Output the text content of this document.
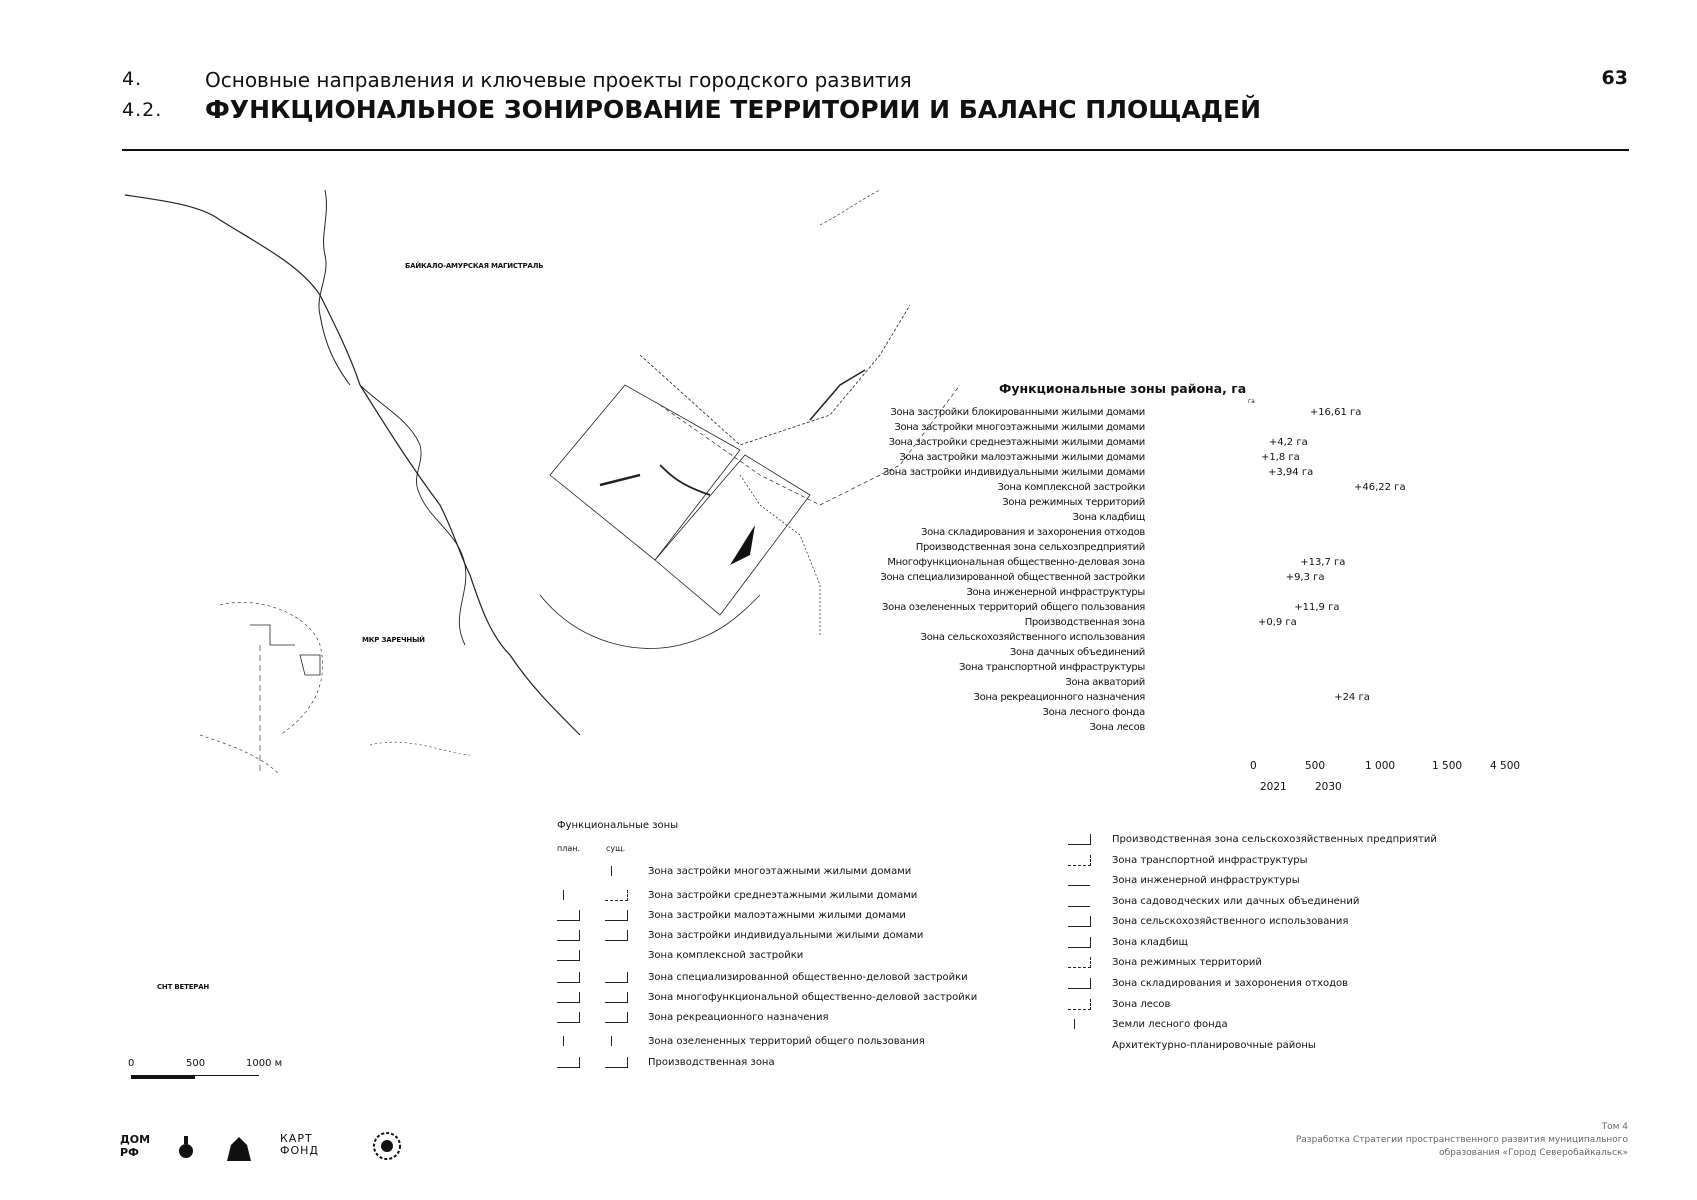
4.	Основные направления и ключевые проекты городского развития
4.2. ФУНКЦИОНАЛЬНОЕ ЗОНИРОВАНИЕ ТЕРРИТОРИИ И БАЛАНС ПЛОЩАДЕЙ
63
БАЙКАЛО-АМУРСКАЯ МАГИСТРАЛЬ
МКР ЗАРЕЧНЫЙ
СНТ ВЕТЕРАН
0	500	1000 м
Функциональные зоны района, га
га
Зона застройки блокированными жилыми домами	+16,61 га
Зона застройки многоэтажными жилыми домами
Зона застройки среднеэтажными жилыми домами	+4,2 га
Зона застройки малоэтажными жилыми домами	+1,8 га
Зона застройки индивидуальными жилыми домами	+3,94 га
Зона комплексной застройки	+46,22 га
Зона режимных территорий
Зона кладбищ
Зона складирования и захоронения отходов
Производственная зона сельхозпредприятий
Многофункциональная общественно-деловая зона	+13,7 га
Зона специализированной общественной застройки	+9,3 га
Зона инженерной инфраструктуры
Зона озелененных территорий общего пользования	+11,9 га
Производственная зона	+0,9 га
Зона сельскохозяйственного использования
Зона дачных объединений
Зона транспортной инфраструктуры
Зона акваторий
Зона рекреационного назначения	+24 га
Зона лесного фонда
Зона лесов
0	500	1 000	1 500	4 500
2021	2030
Функциональные зоны
план.	сущ.
Зона застройки многоэтажными жилыми домами
Зона застройки среднеэтажными жилыми домами
Зона застройки малоэтажными жилыми домами
Зона застройки индивидуальными жилыми домами
Зона комплексной застройки
Зона специализированной общественно-деловой застройки
Зона многофункциональной общественно-деловой застройки
Зона рекреационного назначения
Зона озелененных территорий общего пользования
Производственная зона
Производственная зона сельскохозяйственных предприятий
Зона транспортной инфраструктуры
Зона инженерной инфраструктуры
Зона садоводческих или дачных объединений
Зона сельскохозяйственного использования
Зона кладбищ
Зона режимных территорий
Зона складирования и захоронения отходов
Зона лесов
Земли лесного фонда
Архитектурно-планировочные районы
ДОМ РФ
КАРТ ФОНД
Том 4
Разработка Стратегии пространственного развития муниципального
образования «Город Северобайкальск»
